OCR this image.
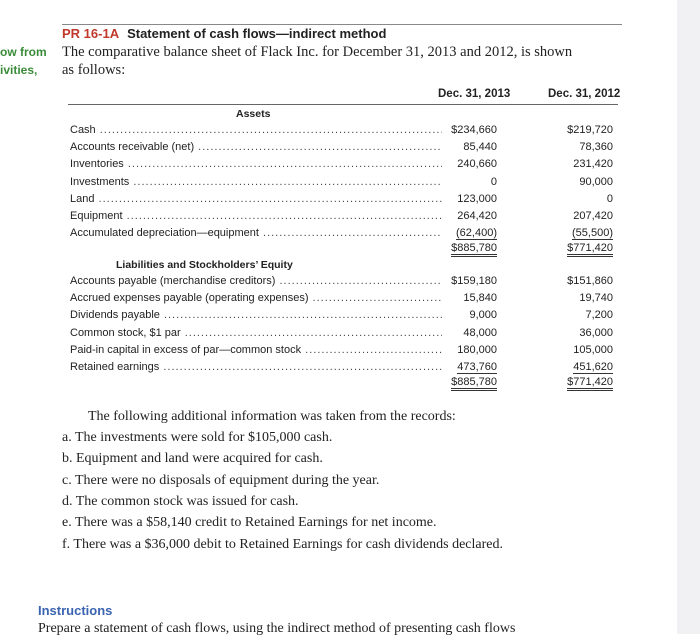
ow from
ivities,
PR 16-1A Statement of cash flows—indirect method
The comparative balance sheet of Flack Inc. for December 31, 2013 and 2012, is shown
as follows:
Dec. 31, 2013	Dec. 31, 2012
Assets
Cash .....	$234,660	$219,720
Accounts receivable (net) .....	85,440	78,360
Inventories .....	240,660	231,420
Investments .....	0	90,000
Land .....	123,000	0
Equipment .....	264,420	207,420
Accumulated depreciation—equipment .....	(62,400)	(55,500)
$885,780	$771,420
Liabilities and Stockholders’ Equity
Accounts payable (merchandise creditors) .....	$159,180	$151,860
Accrued expenses payable (operating expenses) .....	15,840	19,740
Dividends payable .....	9,000	7,200
Common stock, $1 par .....	48,000	36,000
Paid-in capital in excess of par—common stock .....	180,000	105,000
Retained earnings .....	473,760	451,620
$885,780	$771,420
The following additional information was taken from the records:
a. The investments were sold for $105,000 cash.
b. Equipment and land were acquired for cash.
c. There were no disposals of equipment during the year.
d. The common stock was issued for cash.
e. There was a $58,140 credit to Retained Earnings for net income.
f. There was a $36,000 debit to Retained Earnings for cash dividends declared.
Instructions
Prepare a statement of cash flows, using the indirect method of presenting cash flows
